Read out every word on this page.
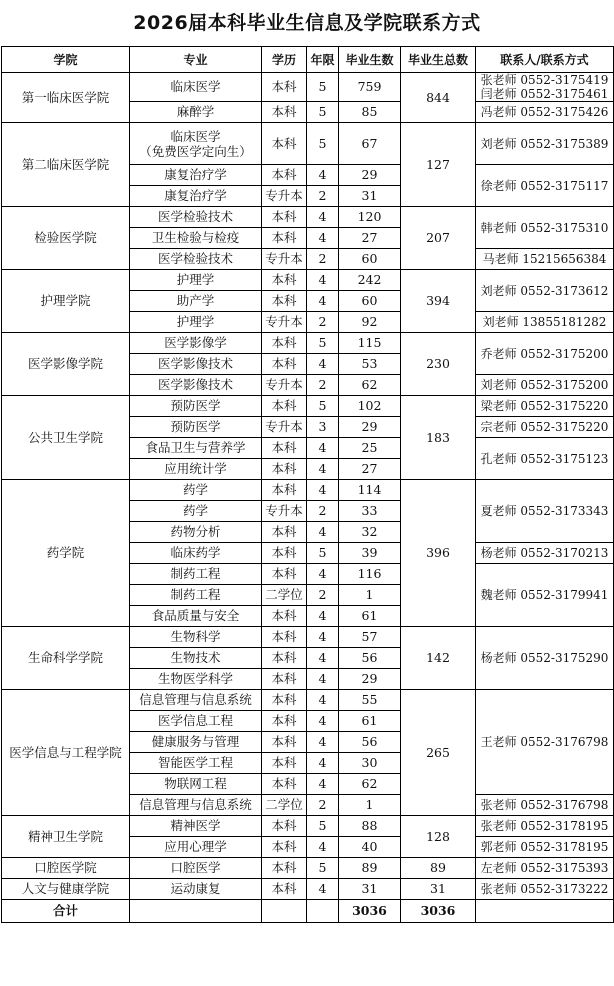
2026届本科毕业生信息及学院联系方式
学院	专业	学历	年限	毕业生数	毕业生总数	联系人/联系方式
第一临床医学院	临床医学	本科	5	759	844	张老师 0552-3175419
闫老师 0552-3175461

	麻醉学	本科	5	85		冯老师 0552-3175426

第二临床医学院	临床医学
（免费医学定向生）	本科	5	67	127	刘老师 0552-3175389

	康复治疗学	本科	4	29		徐老师 0552-3175117

	康复治疗学	专升本	2	31		
检验医学院	医学检验技术	本科	4	120	207	韩老师 0552-3175310

	卫生检验与检疫	本科	4	27		
	医学检验技术	专升本	2	60		马老师 15215656384

护理学院	护理学	本科	4	242	394	刘老师 0552-3173612

	助产学	本科	4	60		
	护理学	专升本	2	92		刘老师 13855181282

医学影像学院	医学影像学	本科	5	115	230	乔老师 0552-3175200

	医学影像技术	本科	4	53		
	医学影像技术	专升本	2	62		刘老师 0552-3175200

公共卫生学院	预防医学	本科	5	102	183	梁老师 0552-3175220

	预防医学	专升本	3	29		宗老师 0552-3175220

	食品卫生与营养学	本科	4	25		孔老师 0552-3175123

	应用统计学	本科	4	27		
药学院	药学	本科	4	114	396	夏老师 0552-3173343

	药学	专升本	2	33		
	药物分析	本科	4	32		
	临床药学	本科	5	39		杨老师 0552-3170213

	制药工程	本科	4	116		魏老师 0552-3179941

	制药工程	二学位	2	1		
	食品质量与安全	本科	4	61		
生命科学学院	生物科学	本科	4	57	142	杨老师 0552-3175290

	生物技术	本科	4	56		
	生物医学科学	本科	4	29		
医学信息与工程学院	信息管理与信息系统	本科	4	55	265	王老师 0552-3176798

	医学信息工程	本科	4	61		
	健康服务与管理	本科	4	56		
	智能医学工程	本科	4	30		
	物联网工程	本科	4	62		
	信息管理与信息系统	二学位	2	1		张老师 0552-3176798

精神卫生学院	精神医学	本科	5	88	128	张老师 0552-3178195

	应用心理学	本科	4	40		郭老师 0552-3178195

口腔医学院	口腔医学	本科	5	89	89	左老师 0552-3175393

人文与健康学院	运动康复	本科	4	31	31	张老师 0552-3173222

合计				3036	3036	
